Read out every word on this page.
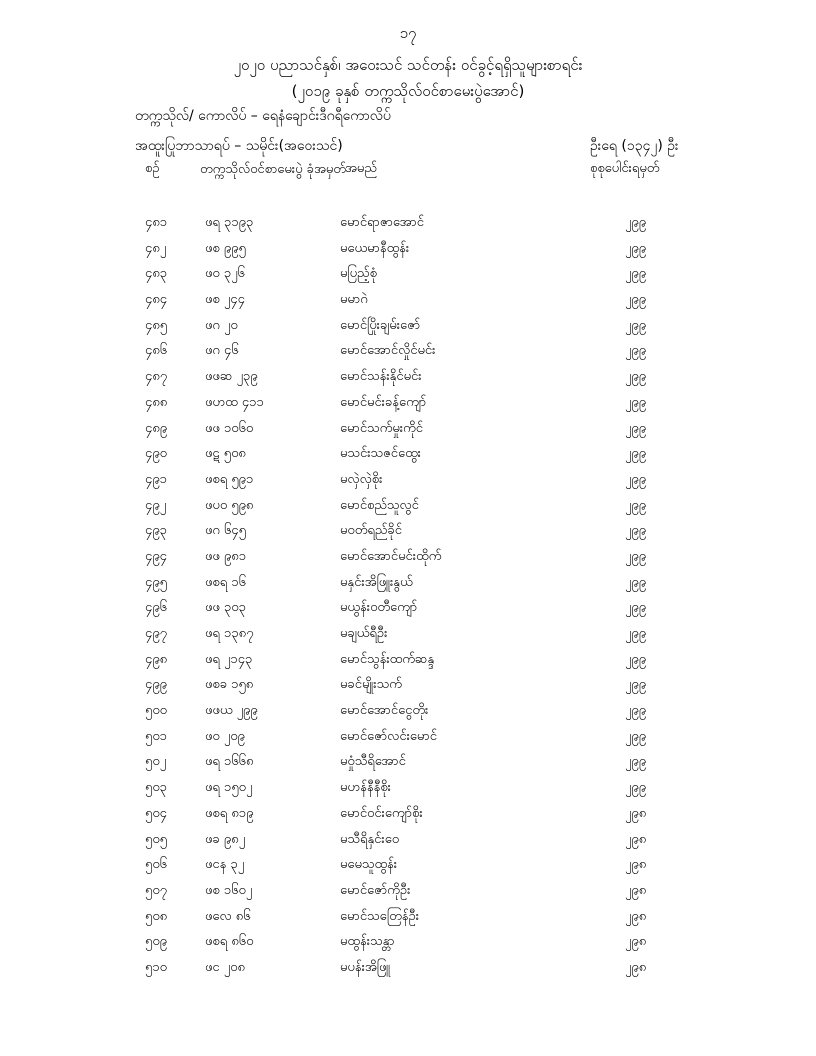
၁၇
၂၀၂၀ ပညာသင်နှစ်၊ အဝေးသင် သင်တန်း ဝင်ခွင့်ရရှိသူများစာရင်း
(၂၀၁၉ ခုနှစ် တက္ကသိုလ်ဝင်စာမေးပွဲအောင်)
တက္ကသိုလ်/ ကောလိပ် – ရေနံချောင်းဒီဂရီကောလိပ်
အထူးပြုဘာသာရပ် – သမိုင်း(အဝေးသင်)	ဦးရေ (၁၃၄၂) ဦး
စဉ်	တက္ကသိုလ်ဝင်စာမေးပွဲ ခုံအမှတ် အမည်	စုစုပေါင်းရမှတ်
၄၈၁	ဖရ ၃၁၉၃	မောင်ရာဇာအောင်	၂၉၉
၄၈၂	ဖစ ၉၉၅	မယေမာနီထွန်း	၂၉၉
၄၈၃	ဖဝ ၃၂၆	မပြည့်စုံ	၂၉၉
၄၈၄	ဖစ ၂၄၄	မမာဂဲ	၂၉၉
၄၈၅	ဖဂ ၂၀	မောင်ပြိုးချမ်းဇော်	၂၉၉
၄၈၆	ဖဂ ၄၆	မောင်အောင်လှိုင်မင်း	၂၉၉
၄၈၇	ဖဖဆ ၂၃၉	မောင်သန်းနိုင်မင်း	၂၉၉
၄၈၈	ဖဟထ ၄၁၁	မောင်မင်းခန့်ကျော်	၂၉၉
၄၈၉	ဖဖ ၁၀၆၀	မောင်သက်မှုးကိုင်	၂၉၉
၄၉၀	ဖဋ ၅၀၈	မသင်းသဇင်ထွေး	၂၉၉
၄၉၁	ဖစရ ၅၉၁	မလှဲလှဲစိုး	၂၉၉
၄၉၂	ဖပဝ ၅၉၈	မောင်စည်သူလွင်	၂၉၉
၄၉၃	ဖဂ ၆၄၅	မဝတ်ရည်ခိုင်	၂၉၉
၄၉၄	ဖဖ ၉၈၁	မောင်အောင်မင်းထိုက်	၂၉၉
၄၉၅	ဖစရ ၁၆	မနှင်းအိဖြူးနွယ်	၂၉၉
၄၉၆	ဖဖ ၃၀၃	မယွန်းဝတီကျော်	၂၉၉
၄၉၇	ဖရ ၁၃၈၇	မချယ်ရီဦး	၂၉၉
၄၉၈	ဖရ ၂၁၄၃	မောင်သွန်းထက်ဆန္ဒ	၂၉၉
၄၉၉	ဖစခ ၁၅၈	မခင်မျိုးသက်	၂၉၉
၅၀၀	ဖဖယ ၂၉၉	မောင်အောင်ငွေတိုး	၂၉၉
၅၀၁	ဖဝ ၂၀၉	မောင်ဇော်လင်းမောင်	၂၉၉
၅၀၂	ဖရ ၁၆၆၈	မဝှုံသီရိအောင်	၂၉၉
၅၀၃	ဖရ ၁၅၀၂	မဟန်နီနီစိုး	၂၉၉
၅၀၄	ဖစရ ၈၁၉	မောင်ဝင်းကျော်စိုး	၂၉၈
၅၀၅	ဖခ ၉၈၂	မသီရိနှင်းဝေ	၂၉၈
၅၀၆	ဖငန ၃၂	မမေသူထွန်း	၂၉၈
၅၀၇	ဖစ ၁၆၀၂	မောင်ဇော်ကိုဦး	၂၉၈
၅၀၈	ဖလေ ၈၆	မောင်သတြေန်ဦး	၂၉၈
၅၀၉	ဖစရ ၈၆၀	မထွန်းသန္တာ	၂၉၈
၅၁၀	ဖင ၂၀၈	မပန်းအိဖြူ	၂၉၈
